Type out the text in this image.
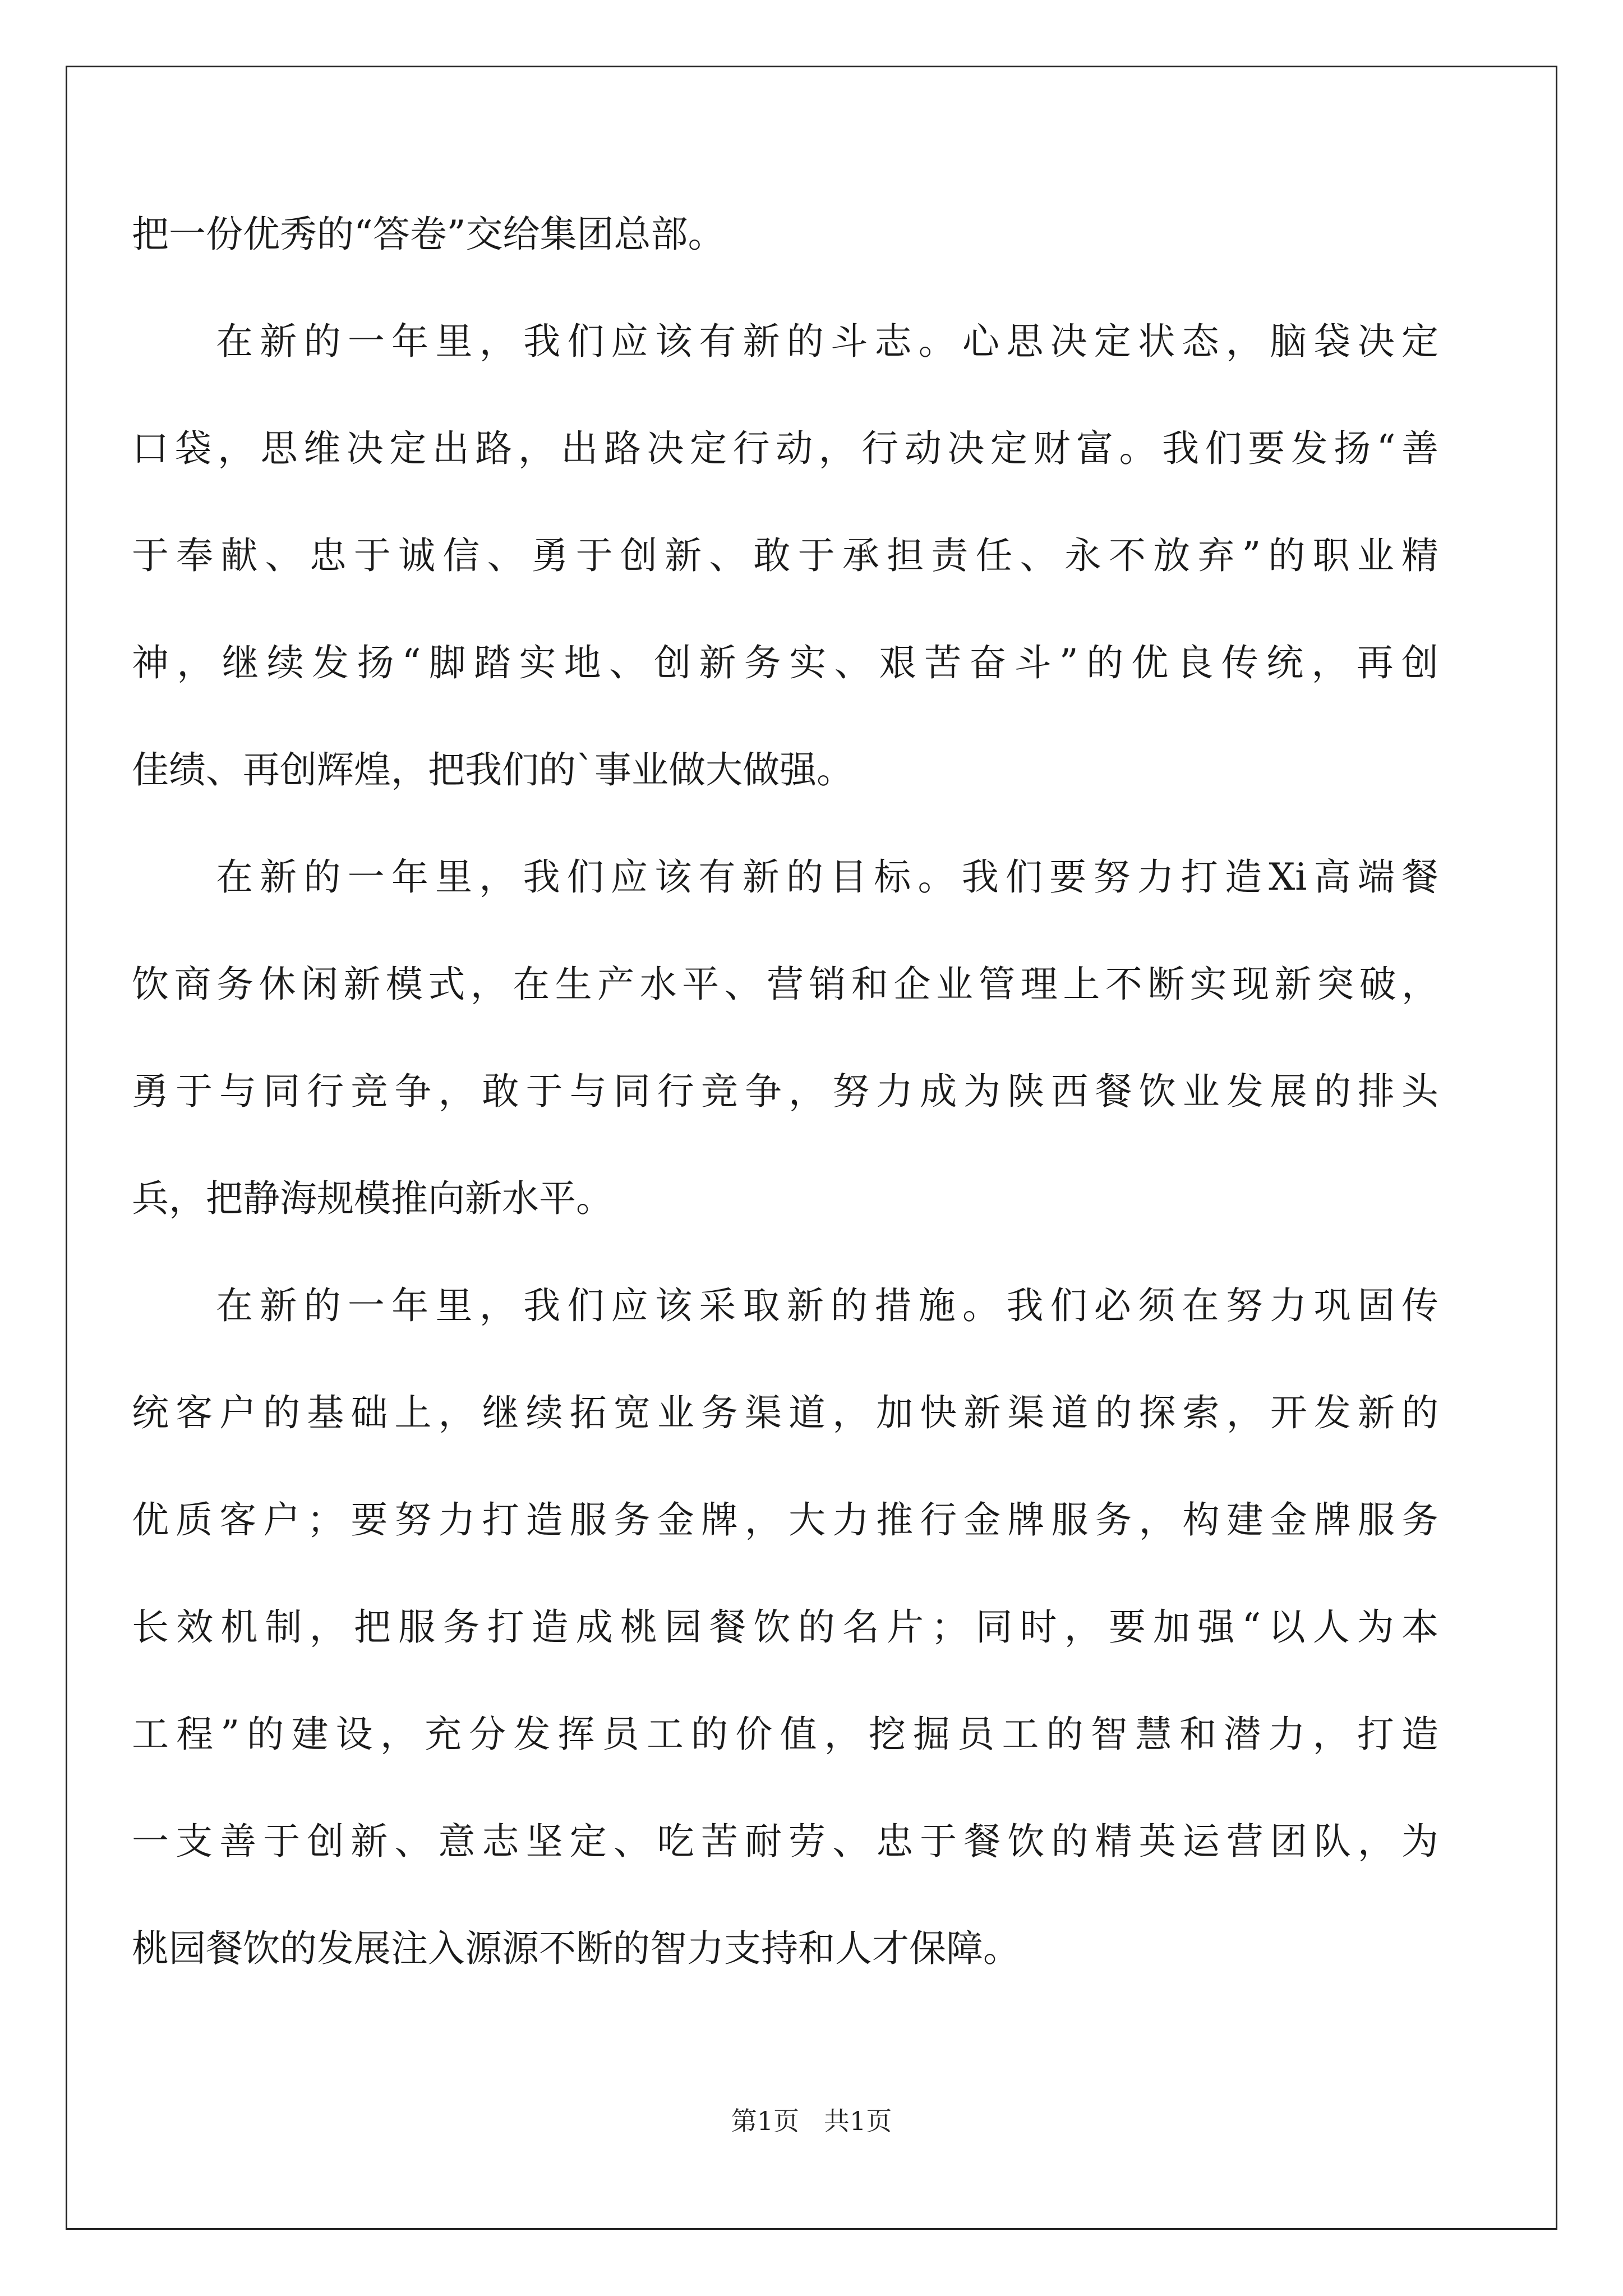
把一份优秀的“答卷”交给集团总部。
在新的一年里，我们应该有新的斗志。心思决定状态，脑袋决定
口袋，思维决定出路，出路决定行动，行动决定财富。我们要发扬“善
于奉献、忠于诚信、勇于创新、敢于承担责任、永不放弃”的职业精
神，继续发扬“脚踏实地、创新务实、艰苦奋斗”的优良传统，再创
佳绩、再创辉煌，把我们的`事业做大做强。
在新的一年里，我们应该有新的目标。我们要努力打造Xi高端餐
饮商务休闲新模式，在生产水平、营销和企业管理上不断实现新突破，
勇于与同行竞争，敢于与同行竞争，努力成为陕西餐饮业发展的排头
兵，把静海规模推向新水平。
在新的一年里，我们应该采取新的措施。我们必须在努力巩固传
统客户的基础上，继续拓宽业务渠道，加快新渠道的探索，开发新的
优质客户；要努力打造服务金牌，大力推行金牌服务，构建金牌服务
长效机制，把服务打造成桃园餐饮的名片；同时，要加强“以人为本
工程”的建设，充分发挥员工的价值，挖掘员工的智慧和潜力，打造
一支善于创新、意志坚定、吃苦耐劳、忠于餐饮的精英运营团队，为
桃园餐饮的发展注入源源不断的智力支持和人才保障。
第1页 共1页
